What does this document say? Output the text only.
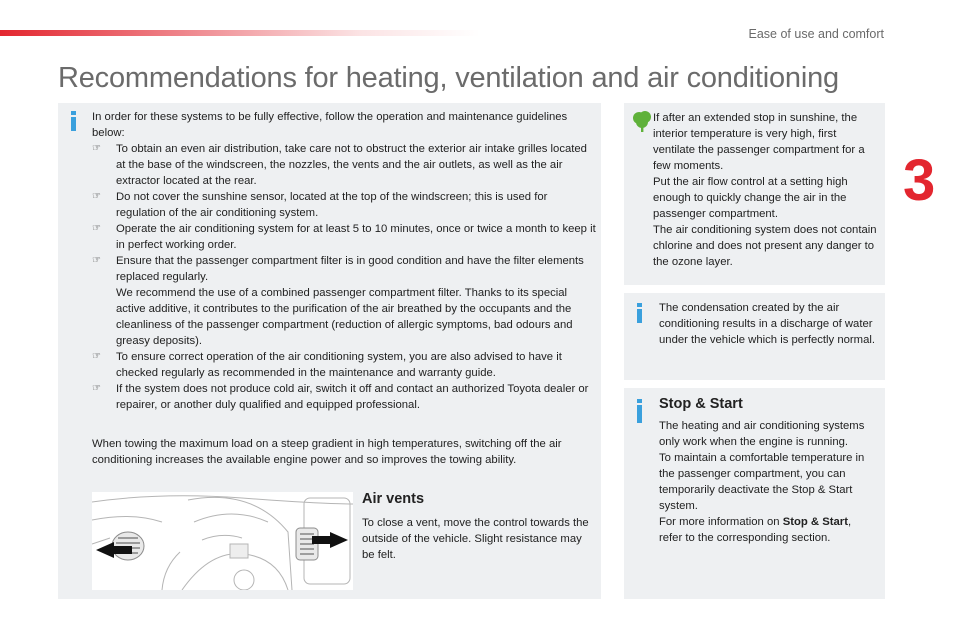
Ease of use and comfort
3
Recommendations for heating, ventilation and air conditioning
In order for these systems to be fully effective, follow the operation and maintenance guidelines below:
☞ To obtain an even air distribution, take care not to obstruct the exterior air intake grilles located at the base of the windscreen, the nozzles, the vents and the air outlets, as well as the air extractor located at the rear.
☞ Do not cover the sunshine sensor, located at the top of the windscreen; this is used for regulation of the air conditioning system.
☞ Operate the air conditioning system for at least 5 to 10 minutes, once or twice a month to keep it in perfect working order.
☞ Ensure that the passenger compartment filter is in good condition and have the filter elements replaced regularly.
We recommend the use of a combined passenger compartment filter. Thanks to its special active additive, it contributes to the purification of the air breathed by the occupants and the cleanliness of the passenger compartment (reduction of allergic symptoms, bad odours and greasy deposits).
☞ To ensure correct operation of the air conditioning system, you are also advised to have it checked regularly as recommended in the maintenance and warranty guide.
☞ If the system does not produce cold air, switch it off and contact an authorized Toyota dealer or repairer, or another duly qualified and equipped professional.
When towing the maximum load on a steep gradient in high temperatures, switching off the air conditioning increases the available engine power and so improves the towing ability.
Air vents
To close a vent, move the control towards the outside of the vehicle. Slight resistance may be felt.
If after an extended stop in sunshine, the interior temperature is very high, first ventilate the passenger compartment for a few moments.
Put the air flow control at a setting high enough to quickly change the air in the passenger compartment.
The air conditioning system does not contain chlorine and does not present any danger to the ozone layer.
The condensation created by the air conditioning results in a discharge of water under the vehicle which is perfectly normal.
Stop & Start
The heating and air conditioning systems only work when the engine is running.
To maintain a comfortable temperature in the passenger compartment, you can temporarily deactivate the Stop & Start system.
For more information on Stop & Start,
refer to the corresponding section.
